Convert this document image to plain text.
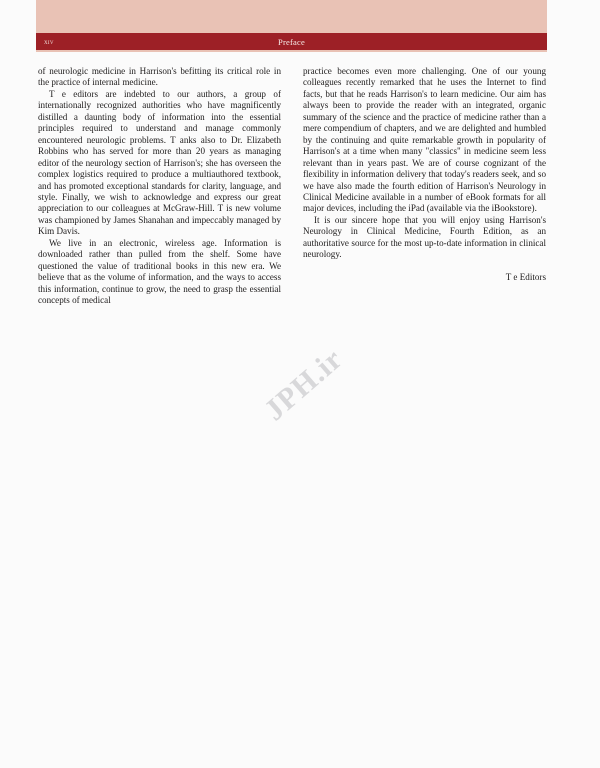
xiv	Preface
JPH.ir

of neurologic medicine in Harrison's befitting its critical role in the practice of internal medicine.

T e editors are indebted to our authors, a group of internationally recognized authorities who have magnificently distilled a daunting body of information into the essential principles required to understand and manage commonly encountered neurologic problems. T anks also to Dr. Elizabeth Robbins who has served for more than 20 years as managing editor of the neurology section of Harrison's; she has overseen the complex logistics required to produce a multiauthored textbook, and has promoted exceptional standards for clarity, language, and style. Finally, we wish to acknowledge and express our great appreciation to our colleagues at McGraw-Hill. T is new volume was championed by James Shanahan and impeccably managed by Kim Davis.

We live in an electronic, wireless age. Information is downloaded rather than pulled from the shelf. Some have questioned the value of traditional books in this new era. We believe that as the volume of information, and the ways to access this information, continue to grow, the need to grasp the essential concepts of medical

practice becomes even more challenging. One of our young colleagues recently remarked that he uses the Internet to find facts, but that he reads Harrison's to learn medicine. Our aim has always been to provide the reader with an integrated, organic summary of the science and the practice of medicine rather than a mere compendium of chapters, and we are delighted and humbled by the continuing and quite remarkable growth in popularity of Harrison's at a time when many "classics" in medicine seem less relevant than in years past. We are of course cognizant of the flexibility in information delivery that today's readers seek, and so we have also made the fourth edition of Harrison's Neurology in Clinical Medicine available in a number of eBook formats for all major devices, including the iPad (available via the iBookstore).

It is our sincere hope that you will enjoy using Harrison's Neurology in Clinical Medicine, Fourth Edition, as an authoritative source for the most up-to-date information in clinical neurology.

T e Editors
